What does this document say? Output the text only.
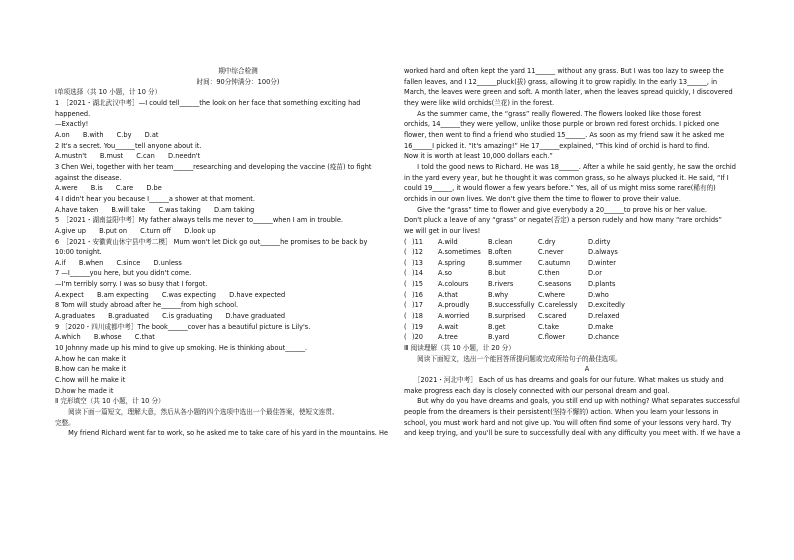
期中综合检测
时间：90分钟满分：100分)
Ⅰ单项选择（共 10 小题，计 10 分）
1　［2021・湖北武汉中考］—I could tell______the look on her face that something exciting had
happened.
—Exactly!
A.on　　B.with　　C.by　　D.at
2 It's a secret. You______tell anyone about it.
A.mustn't　　B.must　　C.can　　D.needn't
3 Chen Wei, together with her team______researching and developing the vaccine (疫苗) to fight
against the disease.
A.were　　B.is　　C.are　　D.be
4 I didn't hear you because I______a shower at that moment.
A.have taken　　B.will take　　C.was taking　　D.am taking
5　［2021・湖南益阳中考］My father always tells me never to______when I am in trouble.
A.give up　　B.put on　　C.turn off　　D.look up
6　［2021・安徽黄山休宁县中考二模］ Mum won't let Dick go out______he promises to be back by
10:00 tonight.
A.if　　B.when　　C.since　　D.unless
7 —I______you here, but you didn't come.
—I'm terribly sorry. I was so busy that I forgot.
A.expect　　B.am expecting　　C.was expecting　　D.have expected
8 Tom will study abroad after he______from high school.
A.graduates　　B.graduated　　C.is graduating　　D.have graduated
9 ［2020・四川成都中考］The book______cover has a beautiful picture is Lily's.
A.which　　B.whose　　C.that
10 Johnny made up his mind to give up smoking. He is thinking about______.
A.how he can make it
B.how can he make it
C.how will he make it
D.how he made it
Ⅱ 完形填空（共 10 小题，计 10 分）
　　阅读下面一篇短文，理解大意，然后从各小题的四个选项中选出一个最佳答案，使短文连贯、
完整。
　　My friend Richard went far to work, so he asked me to take care of his yard in the mountains. He
worked hard and often kept the yard 11______ without any grass. But I was too lazy to sweep the
fallen leaves, and I 12______pluck(拔) grass, allowing it to grow rapidly. In the early 13______, in
March, the leaves were green and soft. A month later, when the leaves spread quickly, I discovered
they were like wild orchids(兰花) in the forest.
　　As the summer came, the “grass” really flowered. The flowers looked like those forest
orchids, 14______they were yellow, unlike those purple or brown red forest orchids. I picked one
flower, then went to find a friend who studied 15______. As soon as my friend saw it he asked me
16______I picked it. “It's amazing!” He 17______explained, “This kind of orchid is hard to find.
Now it is worth at least 10,000 dollars each.”
　　I told the good news to Richard. He was 18______. After a while he said gently, he saw the orchid
in the yard every year, but he thought it was common grass, so he always plucked it. He said, “If I
could 19______, it would flower a few years before.” Yes, all of us might miss some rare(稀有的)
orchids in our own lives. We don't give them the time to flower to prove their value.
　　Give the “grass” time to flower and give everybody a 20______to prove his or her value.
Don't pluck a leave of any “grass” or negate(否定) a person rudely and how many “rare orchids”
we will get in our lives!
( )11	A.wild	B.clean	C.dry	D.dirty
( )12	A.sometimes	B.often	C.never	D.always
( )13	A.spring	B.summer	C.autumn	D.winter
( )14	A.so	B.but	C.then	D.or
( )15	A.colours	B.rivers	C.seasons	D.plants
( )16	A.that	B.why	C.where	D.who
( )17	A.proudly	B.successfully C.carelessly	D.excitedly
( )18	A.worried	B.surprised	C.scared	D.relaxed
( )19	A.wait	B.get	C.take	D.make
( )20	A.tree	B.yard	C.flower	D.chance
Ⅲ 阅读理解（共 10 小题，计 20 分）
　　阅读下面短文，选出一个能回答所提问题或完成所给句子的最佳选项。
A
　　［2021・河北中考］ Each of us has dreams and goals for our future. What makes us study and
make progress each day is closely connected with our personal dream and goal.
　　But why do you have dreams and goals, you still end up with nothing? What separates successful
people from the dreamers is their persistent(坚持不懈的) action. When you learn your lessons in
school, you must work hard and not give up. You will often find some of your lessons very hard. Try
and keep trying, and you'll be sure to successfully deal with any difficulty you meet with. If we have a
